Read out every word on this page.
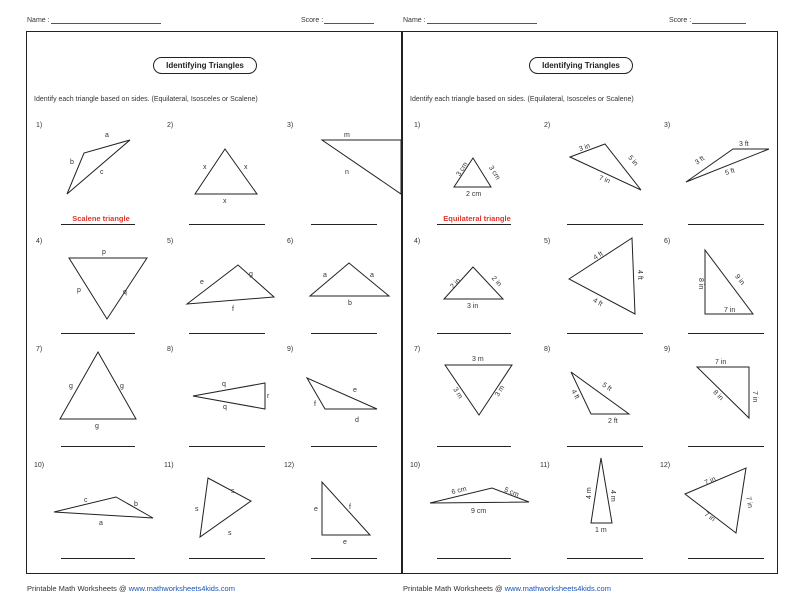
Name :	Score :	Name :	Score :
Identifying Triangles
Identify each triangle based on sides. (Equilateral, Isosceles or Scalene)
1)	2)	3)
4)	5)	6)
7)	8)	9)
10)	11)	12)
Scalene triangle
a
b
c
x	x
x
m
n
p
p	q
e
g
f
a	a
b
g	g
g
q
q
r
e
f
d
c
b
a
s
s
s
e	f
e
Identifying Triangles
Identify each triangle based on sides. (Equilateral, Isosceles or Scalene)
1)	2)	3)
4)	5)	6)
7)	8)	9)
10)	11)	12)
Equilateral triangle
3 cm	3 cm
2 cm
3 in
5 in
7 in
3 ft
3 ft
5 ft
2 in	2 in
3 in
4 ft
4 ft
4 ft
8 in	9 in
7 in
3 m
3 m	3 m	5 ft
4 ft
2 ft
7 in
8 in	7 in
6 cm	5 cm
9 cm
4 m 4 m
1 m
7 in
7 in
7 in
Printable Math Worksheets @ www.mathworksheets4kids.com	Printable Math Worksheets @ www.mathworksheets4kids.com
